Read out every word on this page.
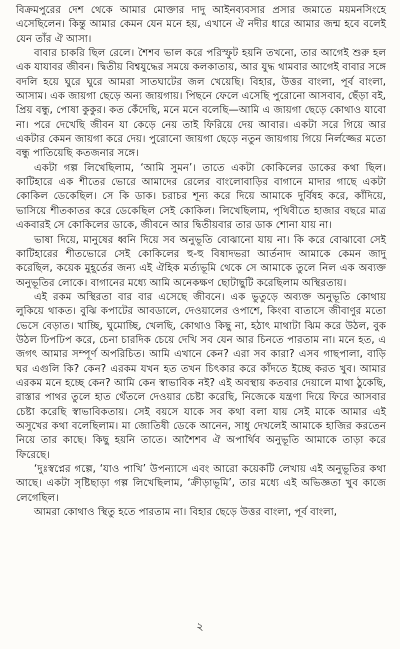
বিক্রমপুরের দেশ থেকে আমার মোক্তার দাদু আইনব্যবসার প্রসার জমাতে ময়মনসিংহে এসেছিলেন। কিন্তু আমার কেমন যেন মনে হয়, এখানে ঐ নদীর ধারে আমার জন্ম হবে বলেই যেন তাঁর ঐ আসা।

বাবার চাকরি ছিল রেলে। শৈশব ভাল করে পরিস্ফুট হয়নি তখনো, তার আগেই শুরু হল এক যাযাবর জীবন। দ্বিতীয় বিশ্বযুদ্ধের সময়ে কলকাতায়, আর যুদ্ধ থামবার আগেই বাবার সঙ্গে বদলি হয়ে ঘুরে ঘুরে আমরা সাতঘাটের জল খেয়েছি। বিহার, উত্তর বাংলা, পূর্ব বাংলা, আসাম। এক জায়গা ছেড়ে অন্য জায়গায়। পিছনে ফেলে এসেছি পুরোনো আসবাব, ছেঁড়া বই, প্রিয় বন্ধু, পোষা কুকুর। কত কেঁদেছি, মনে মনে বলেছি—আমি এ জায়গা ছেড়ে কোথাও যাবো না। পরে দেখেছি জীবন যা কেড়ে নেয় তাই ফিরিয়ে দেয় আবার। একটা সরে গিয়ে আর একটার কেমন জায়গা করে দেয়। পুরোনো জায়গা ছেড়ে নতুন জায়গায় গিয়ে নির্লজ্জের মতো বন্ধু পাতিয়েছি কতজনার সঙ্গে।

একটা গল্প লিখেছিলাম, ‘আমি সুমন’। তাতে একটা কোকিলের ডাকের কথা ছিল। কাটিহারে এক শীতের ভোরে আমাদের রেলের বাংলোবাড়ির বাগানে মাদার গাছে একটা কোকিল ডেকেছিল। সে কি ডাক। চরাচর শূন্য করে দিয়ে আমাকে দুর্বিষহ করে, কাঁদিয়ে, ভাসিয়ে শীতকাতর করে ডেকেছিল সেই কোকিল। লিখেছিলাম, পৃথিবীতে হাজার বছরে মাত্র একবারই সে কোকিলের ডাকে, জীবনে আর দ্বিতীয়বার তার ডাক শোনা যায় না।

ভাষা দিয়ে, মানুষের ধ্বনি দিয়ে সব অনুভূতি বোঝানো যায় না। কি করে বোঝাবো সেই কাটিহারের শীতভোরে সেই কোকিলের হু-হু বিষাদভরা আর্তনাদ আমাকে কেমন জাদু করেছিল, কয়েক মুহূর্তের জন্য এই ঐহিক মর্ত্যভূমি থেকে সে আমাকে তুলে নিল এক অব্যক্ত অনুভূতির লোকে। বাগানের মধ্যে আমি অনেকক্ষণ ছোটাছুটি করেছিলাম অস্থিরতায়।

এই রকম অস্থিরতা বার বার এসেছে জীবনে। এক ভুতুড়ে অব্যক্ত অনুভূতি কোথায় লুকিয়ে থাকত। বুঝি কপাটের আবডালে, দেওয়ালের ওপাশে, কিংবা বাতাসে জীবাণুর মতো ভেসে বেড়াত। খাচ্ছি, ঘুমোচ্ছি, খেলছি, কোথাও কিছু না, হঠাৎ মাথাটা ঝিম করে উঠল, বুক উঠল ঢিপঢিপ করে, চেনা চারদিক চেয়ে দেখি সব যেন আর চিনতে পারতাম না। মনে হত, এ জগৎ আমার সম্পূর্ণ অপরিচিত। আমি এখানে কেন? এরা সব কারা? এসব গাছপালা, বাড়ি ঘর এগুলি কি? কেন? এরকম যখন হত তখন চিৎকার করে কাঁদতে ইচ্ছে করত খুব। আমার এরকম মনে হচ্ছে কেন? আমি কেন স্বাভাবিক নই? এই অবস্থায় কতবার দেয়ালে মাথা ঠুকেছি, রাস্তার পাথর তুলে হাত থেঁতলে দেওয়ার চেষ্টা করেছি, নিজেকে যন্ত্রণা দিয়ে ফিরে আসবার চেষ্টা করেছি স্বাভাবিকতায়। সেই বয়সে যাকে সব কথা বলা যায় সেই মাকে আমার এই অসুখের কথা বলেছিলাম। মা জোতিষী ডেকে আনেন, সাধু দেখলেই আমাকে হাজির করতেন নিয়ে তার কাছে। কিছু হয়নি তাতে। আশৈশব ঐ অপার্থিব অনুভূতি আমাকে তাড়া করে ফিরেছে।

‘দুঃস্বপ্নের গল্পে, ‘যাও পাখি’ উপন্যাসে এবং আরো কয়েকটি লেখায় এই অনুভূতির কথা আছে। একটা সৃষ্টিছাড়া গল্প লিখেছিলাম, ‘ক্রীড়াভূমি’, তার মধ্যে এই অভিজ্ঞতা খুব কাজে লেগেছিল।

আমরা কোথাও স্থিতু হতে পারতাম না। বিহার ছেড়ে উত্তর বাংলা, পূর্ব বাংলা,

২
